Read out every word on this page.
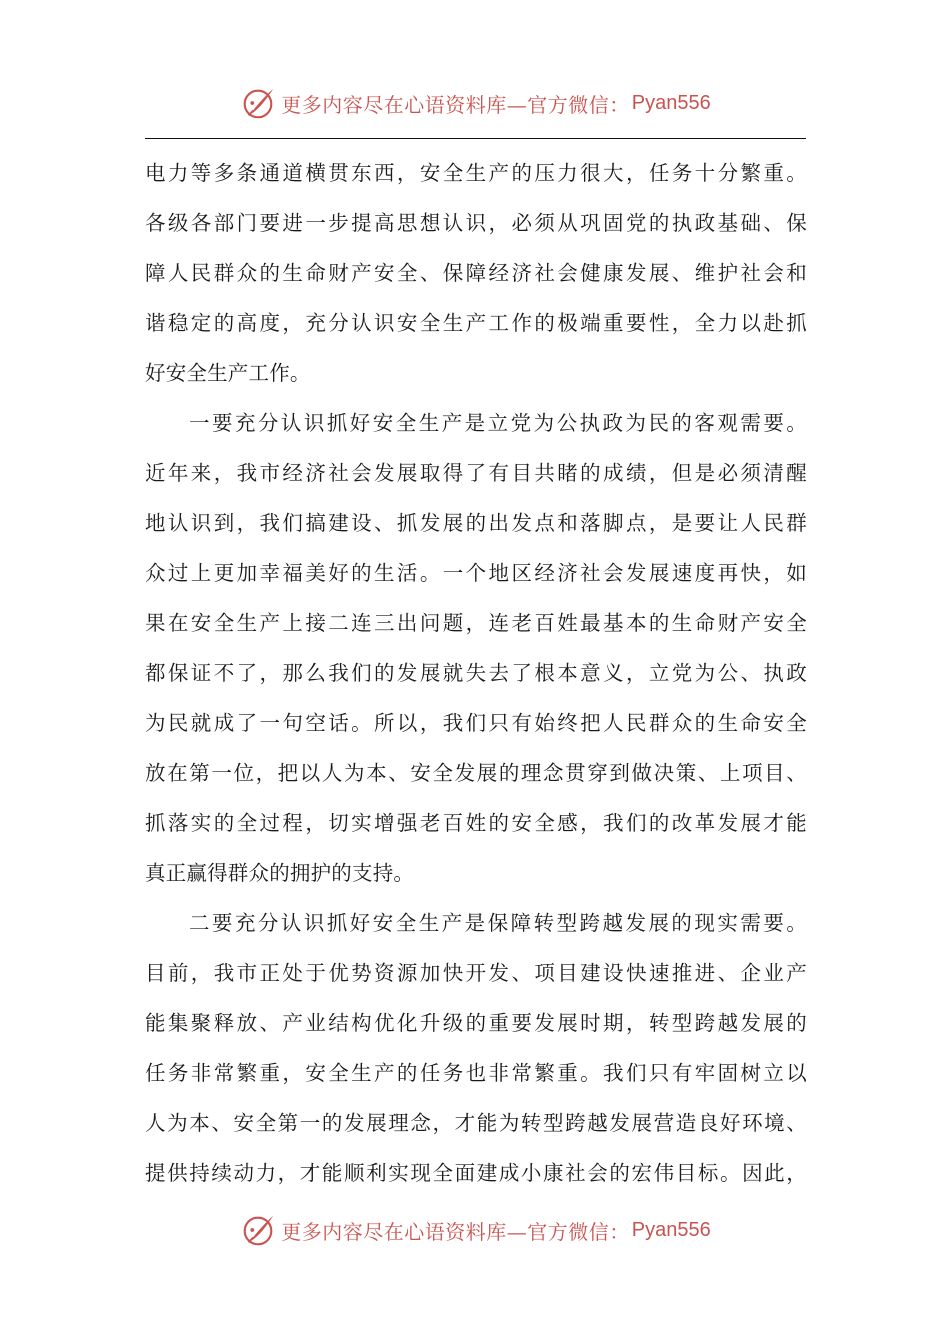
更多内容尽在心语资料库—官方微信： Pyan556
电力等多条通道横贯东西，安全生产的压力很大，任务十分繁重。
各级各部门要进一步提高思想认识，必须从巩固党的执政基础、保
障人民群众的生命财产安全、保障经济社会健康发展、维护社会和
谐稳定的高度，充分认识安全生产工作的极端重要性，全力以赴抓
好安全生产工作。
一要充分认识抓好安全生产是立党为公执政为民的客观需要。
近年来，我市经济社会发展取得了有目共睹的成绩，但是必须清醒
地认识到，我们搞建设、抓发展的出发点和落脚点，是要让人民群
众过上更加幸福美好的生活。一个地区经济社会发展速度再快，如
果在安全生产上接二连三出问题，连老百姓最基本的生命财产安全
都保证不了，那么我们的发展就失去了根本意义，立党为公、执政
为民就成了一句空话。所以，我们只有始终把人民群众的生命安全
放在第一位，把以人为本、安全发展的理念贯穿到做决策、上项目、
抓落实的全过程，切实增强老百姓的安全感，我们的改革发展才能
真正赢得群众的拥护的支持。
二要充分认识抓好安全生产是保障转型跨越发展的现实需要。
目前，我市正处于优势资源加快开发、项目建设快速推进、企业产
能集聚释放、产业结构优化升级的重要发展时期，转型跨越发展的
任务非常繁重，安全生产的任务也非常繁重。我们只有牢固树立以
人为本、安全第一的发展理念，才能为转型跨越发展营造良好环境、
提供持续动力，才能顺利实现全面建成小康社会的宏伟目标。因此，
更多内容尽在心语资料库—官方微信： Pyan556
